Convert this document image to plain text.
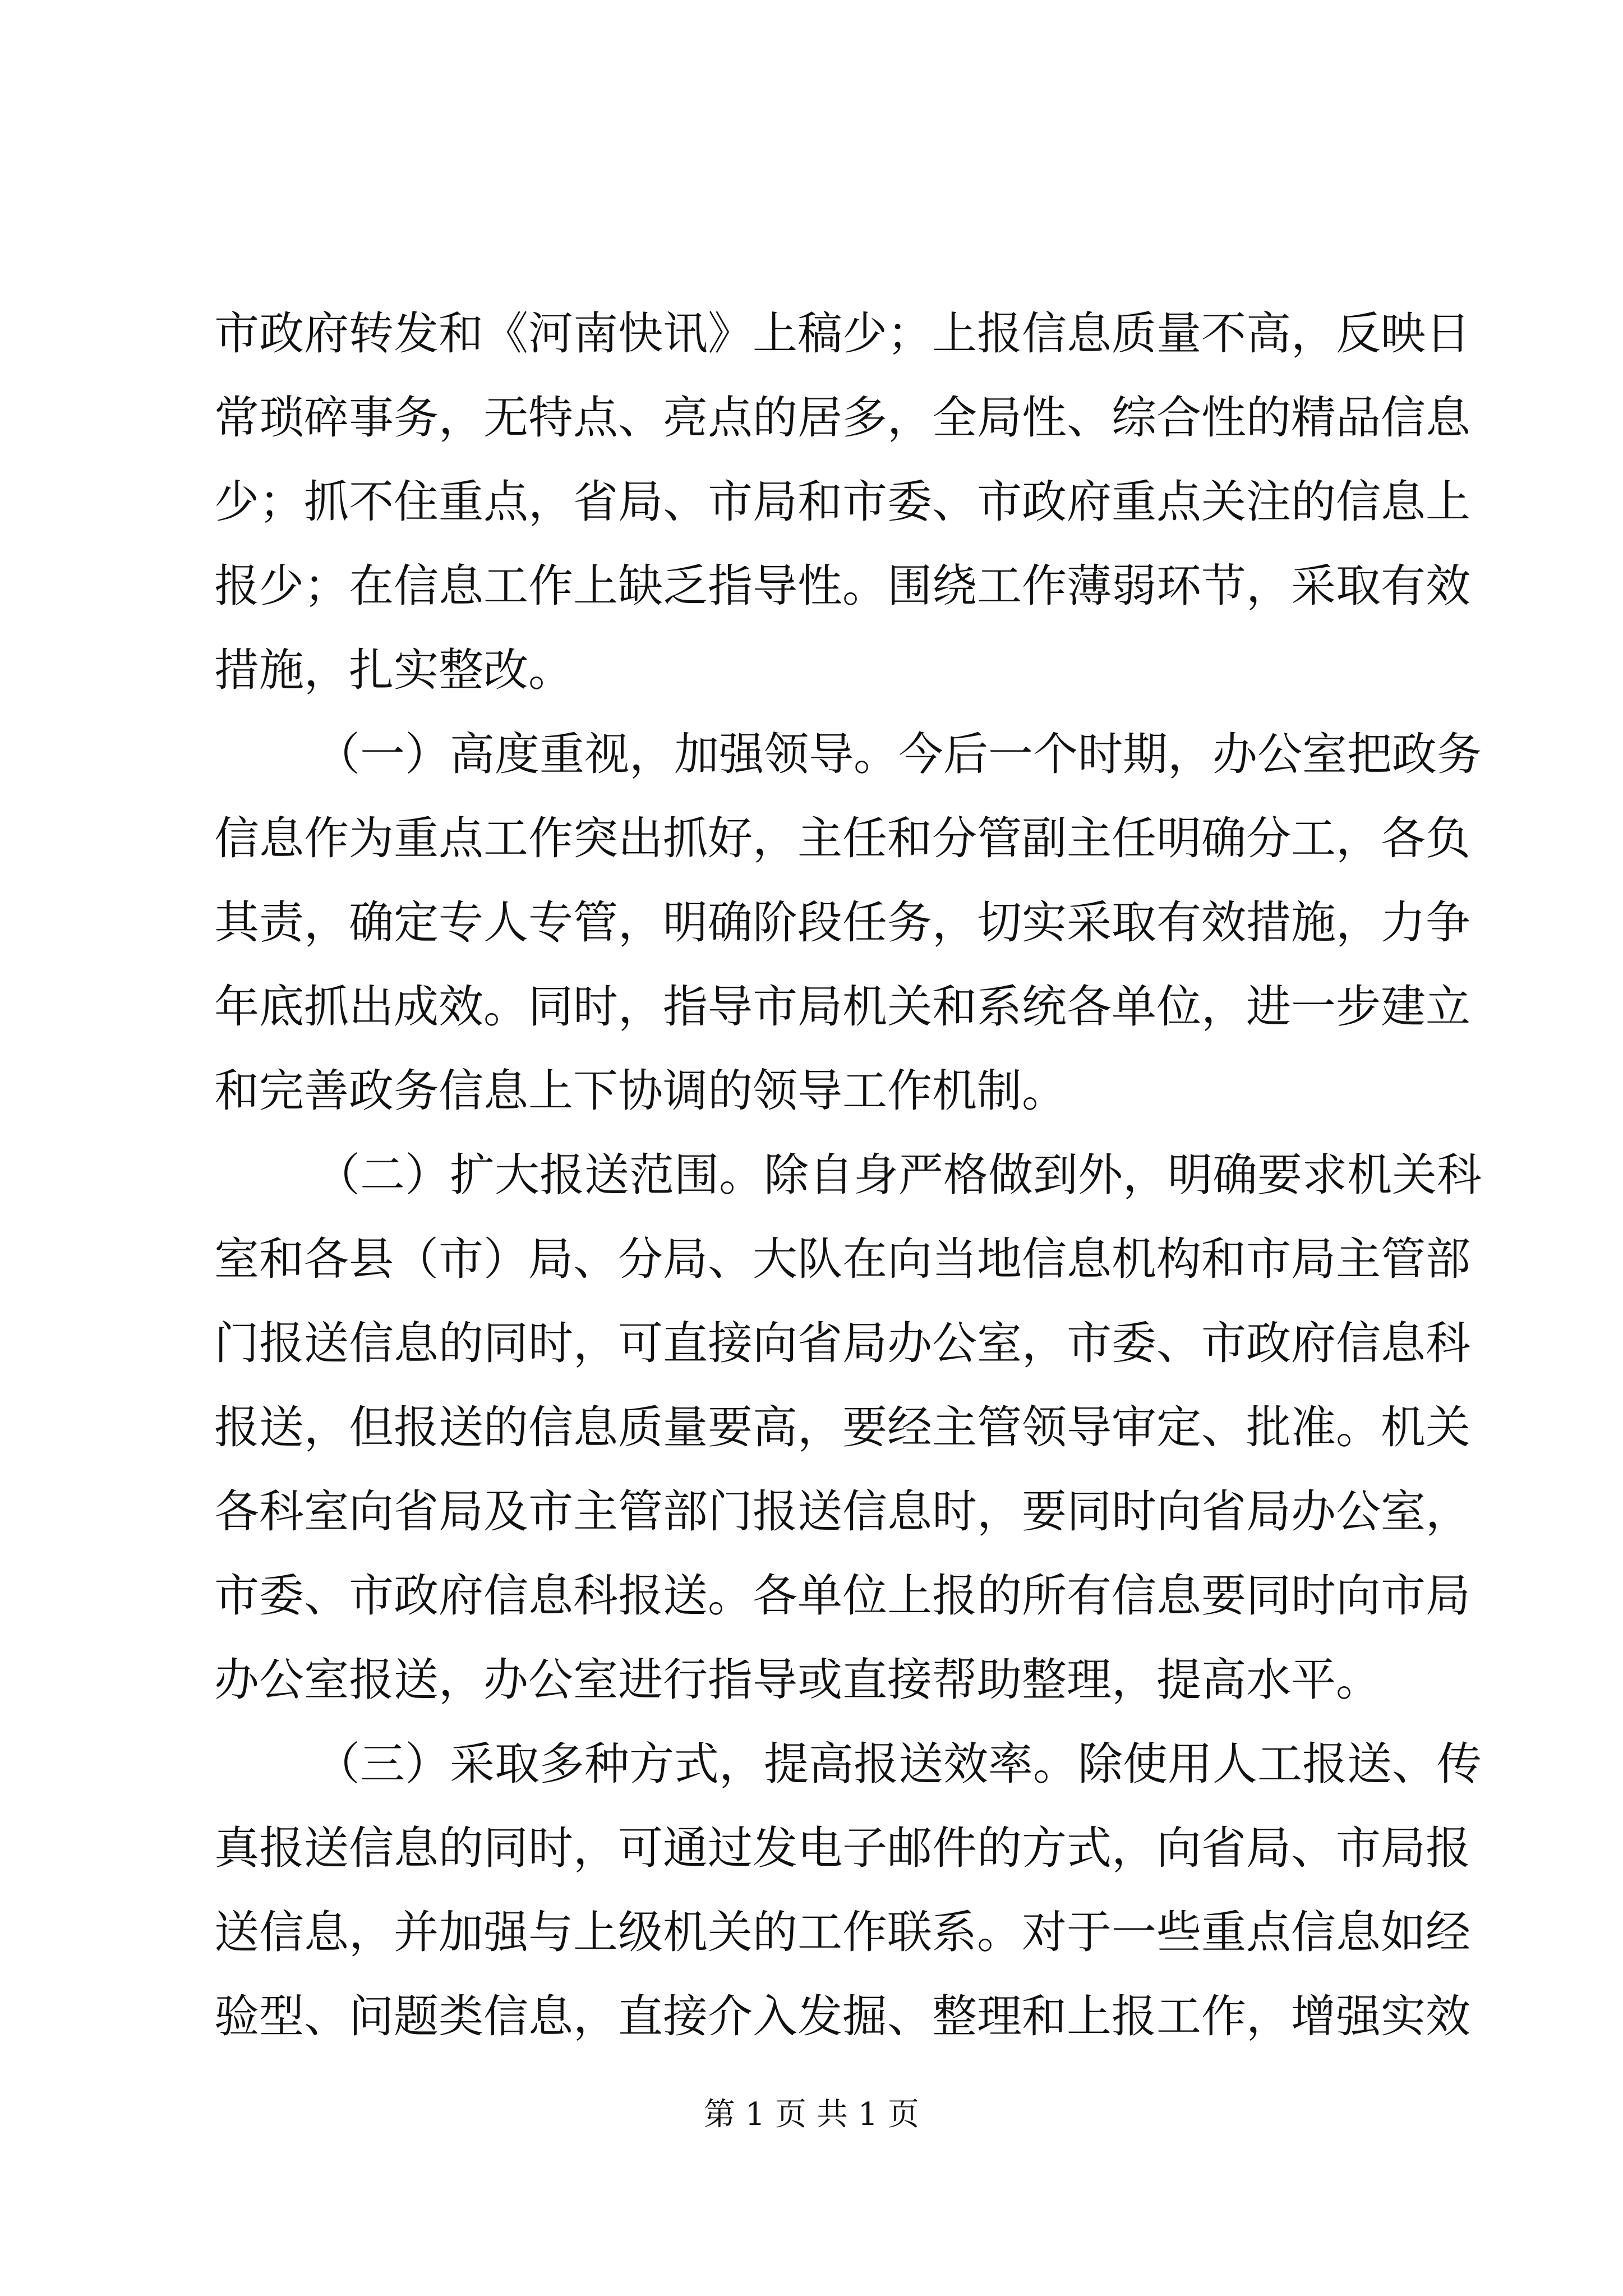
市政府转发和《河南快讯》上稿少；上报信息质量不高，反映日
常琐碎事务，无特点、亮点的居多，全局性、综合性的精品信息
少；抓不住重点，省局、市局和市委、市政府重点关注的信息上
报少；在信息工作上缺乏指导性。围绕工作薄弱环节，采取有效
措施，扎实整改。
（一）高度重视，加强领导。今后一个时期，办公室把政务
信息作为重点工作突出抓好，主任和分管副主任明确分工，各负
其责，确定专人专管，明确阶段任务，切实采取有效措施，力争
年底抓出成效。同时，指导市局机关和系统各单位，进一步建立
和完善政务信息上下协调的领导工作机制。
（二）扩大报送范围。除自身严格做到外，明确要求机关科
室和各县（市）局、分局、大队在向当地信息机构和市局主管部
门报送信息的同时，可直接向省局办公室，市委、市政府信息科
报送，但报送的信息质量要高，要经主管领导审定、批准。机关
各科室向省局及市主管部门报送信息时，要同时向省局办公室，
市委、市政府信息科报送。各单位上报的所有信息要同时向市局
办公室报送，办公室进行指导或直接帮助整理，提高水平。
（三）采取多种方式，提高报送效率。除使用人工报送、传
真报送信息的同时，可通过发电子邮件的方式，向省局、市局报
送信息，并加强与上级机关的工作联系。对于一些重点信息如经
验型、问题类信息，直接介入发掘、整理和上报工作，增强实效
第 1 页 共 1 页
